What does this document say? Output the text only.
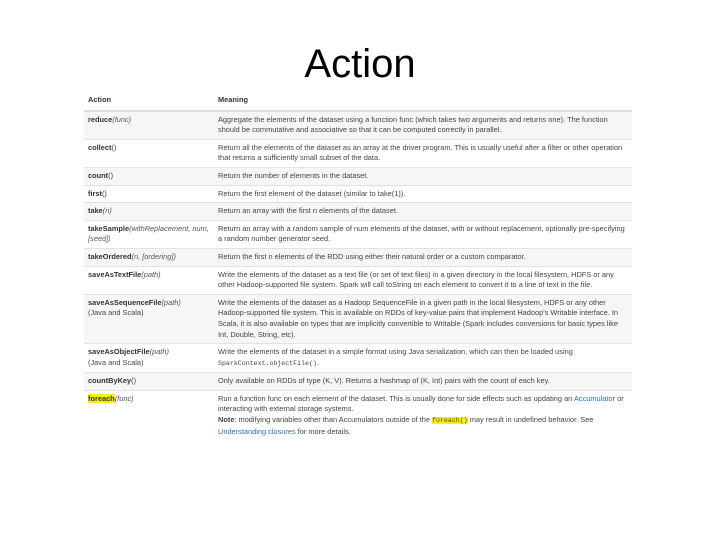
Action
Action	Meaning
reduce(func)	Aggregate the elements of the dataset using a function func (which takes two arguments and returns one). The function should be commutative and associative so that it can be computed correctly in parallel.
collect()	Return all the elements of the dataset as an array at the driver program. This is usually useful after a filter or other operation that returns a sufficiently small subset of the data.
count()	Return the number of elements in the dataset.
first()	Return the first element of the dataset (similar to take(1)).
take(n)	Return an array with the first n elements of the dataset.
takeSample(withReplacement, num, [seed])	Return an array with a random sample of num elements of the dataset, with or without replacement, optionally pre-specifying a random number generator seed.
takeOrdered(n, [ordering])	Return the first n elements of the RDD using either their natural order or a custom comparator.
saveAsTextFile(path)	Write the elements of the dataset as a text file (or set of text files) in a given directory in the local filesystem, HDFS or any other Hadoop-supported file system. Spark will call toString on each element to convert it to a line of text in the file.
saveAsSequenceFile(path)
(Java and Scala)	Write the elements of the dataset as a Hadoop SequenceFile in a given path in the local filesystem, HDFS or any other Hadoop-supported file system. This is available on RDDs of key-value pairs that implement Hadoop's Writable interface. In Scala, it is also available on types that are implicitly convertible to Writable (Spark includes conversions for basic types like Int, Double, String, etc).
saveAsObjectFile(path)
(Java and Scala)	Write the elements of the dataset in a simple format using Java serialization, which can then be loaded using SparkContext.objectFile().
countByKey()	Only available on RDDs of type (K, V). Returns a hashmap of (K, Int) pairs with the count of each key.
foreach(func)	Run a function func on each element of the dataset. This is usually done for side effects such as updating an Accumulator or interacting with external storage systems.
Note: modifying variables other than Accumulators outside of the foreach() may result in undefined behavior. See Understanding closures for more details.
